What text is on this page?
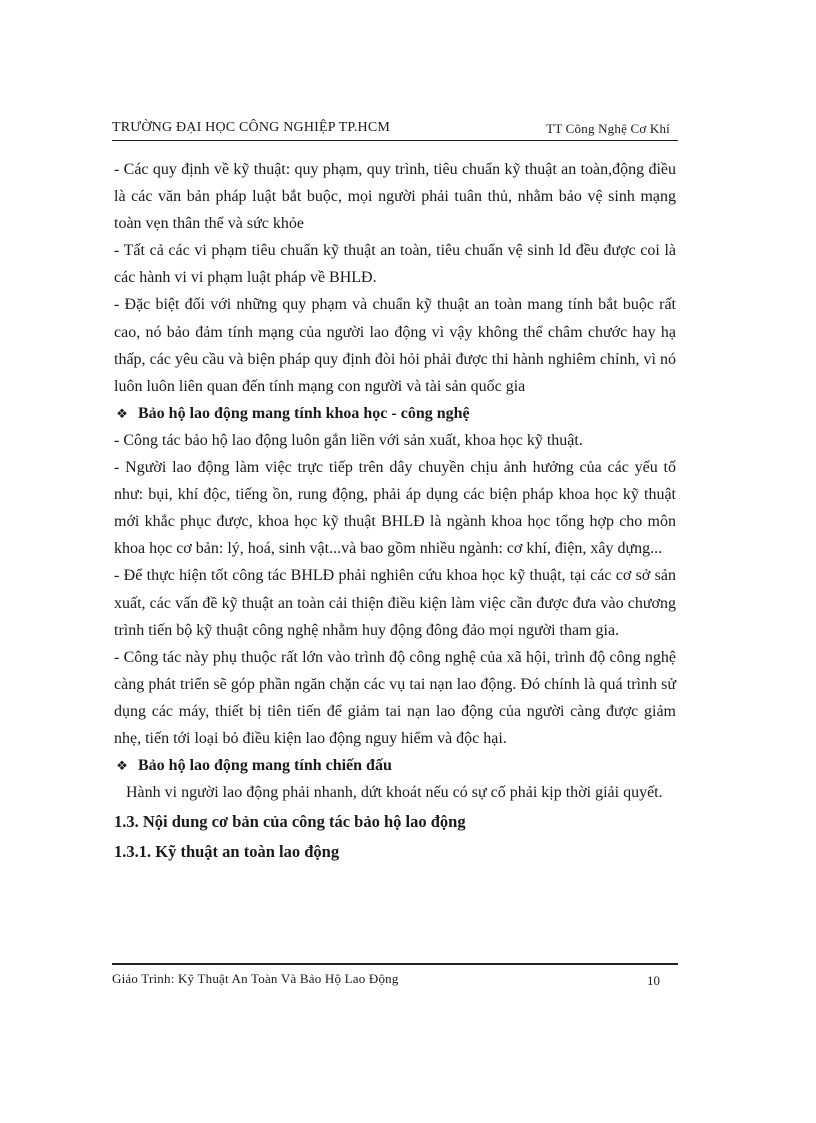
TRƯỜNG ĐẠI HỌC CÔNG NGHIỆP TP.HCM	TT Công Nghệ Cơ Khí

- Các quy định về kỹ thuật: quy phạm, quy trình, tiêu chuẩn kỹ thuật an toàn,động điều là các văn bản pháp luật bắt buộc, mọi người phải tuân thủ, nhằm bảo vệ sinh mạng toàn vẹn thân thể và sức khỏe

- Tất cả các vi phạm tiêu chuẩn kỹ thuật an toàn, tiêu chuẩn vệ sinh ld đều được coi là các hành vi vi phạm luật pháp về BHLĐ.

- Đặc biệt đối với những quy phạm và chuẩn kỹ thuật an toàn mang tính bắt buộc rất cao, nó bảo đảm tính mạng của người lao động vì vậy không thể châm chước hay hạ thấp, các yêu cầu và biện pháp quy định đòi hỏi phải được thi hành nghiêm chỉnh, vì nó luôn luôn liên quan đến tính mạng con người và tài sản quốc gia

❖ Bảo hộ lao động mang tính khoa học - công nghệ

- Công tác bảo hộ lao động luôn gắn liền với sản xuất, khoa học kỹ thuật.

- Người lao động làm việc trực tiếp trên dây chuyền chịu ảnh hưởng của các yếu tố như: bụi, khí độc, tiếng ồn, rung động, phải áp dụng các biện pháp khoa học kỹ thuật mới khắc phục được, khoa học kỹ thuật BHLĐ là ngành khoa học tổng hợp cho môn khoa học cơ bản: lý, hoá, sinh vật...và bao gồm nhiều ngành: cơ khí, điện, xây dựng...

- Để thực hiện tốt công tác BHLĐ phải nghiên cứu khoa học kỹ thuật, tại các cơ sở sản xuất, các vấn đề kỹ thuật an toàn cải thiện điều kiện làm việc cần được đưa vào chương trình tiến bộ kỹ thuật công nghệ nhằm huy động đông đảo mọi người tham gia.

- Công tác này phụ thuộc rất lớn vào trình độ công nghệ của xã hội, trình độ công nghệ càng phát triển sẽ góp phần ngăn chặn các vụ tai nạn lao động. Đó chính là quá trình sử dụng các máy, thiết bị tiên tiến để giảm tai nạn lao động của người càng được giảm nhẹ, tiến tới loại bỏ điều kiện lao động nguy hiểm và độc hại.

❖ Bảo hộ lao động mang tính chiến đấu

Hành vi người lao động phải nhanh, dứt khoát nếu có sự cố phải kịp thời giải quyết.

1.3. Nội dung cơ bản của công tác bảo hộ lao động

1.3.1. Kỹ thuật an toàn lao động

Giáo Trình: Kỹ Thuật An Toàn Và Bảo Hộ Lao Động	10
